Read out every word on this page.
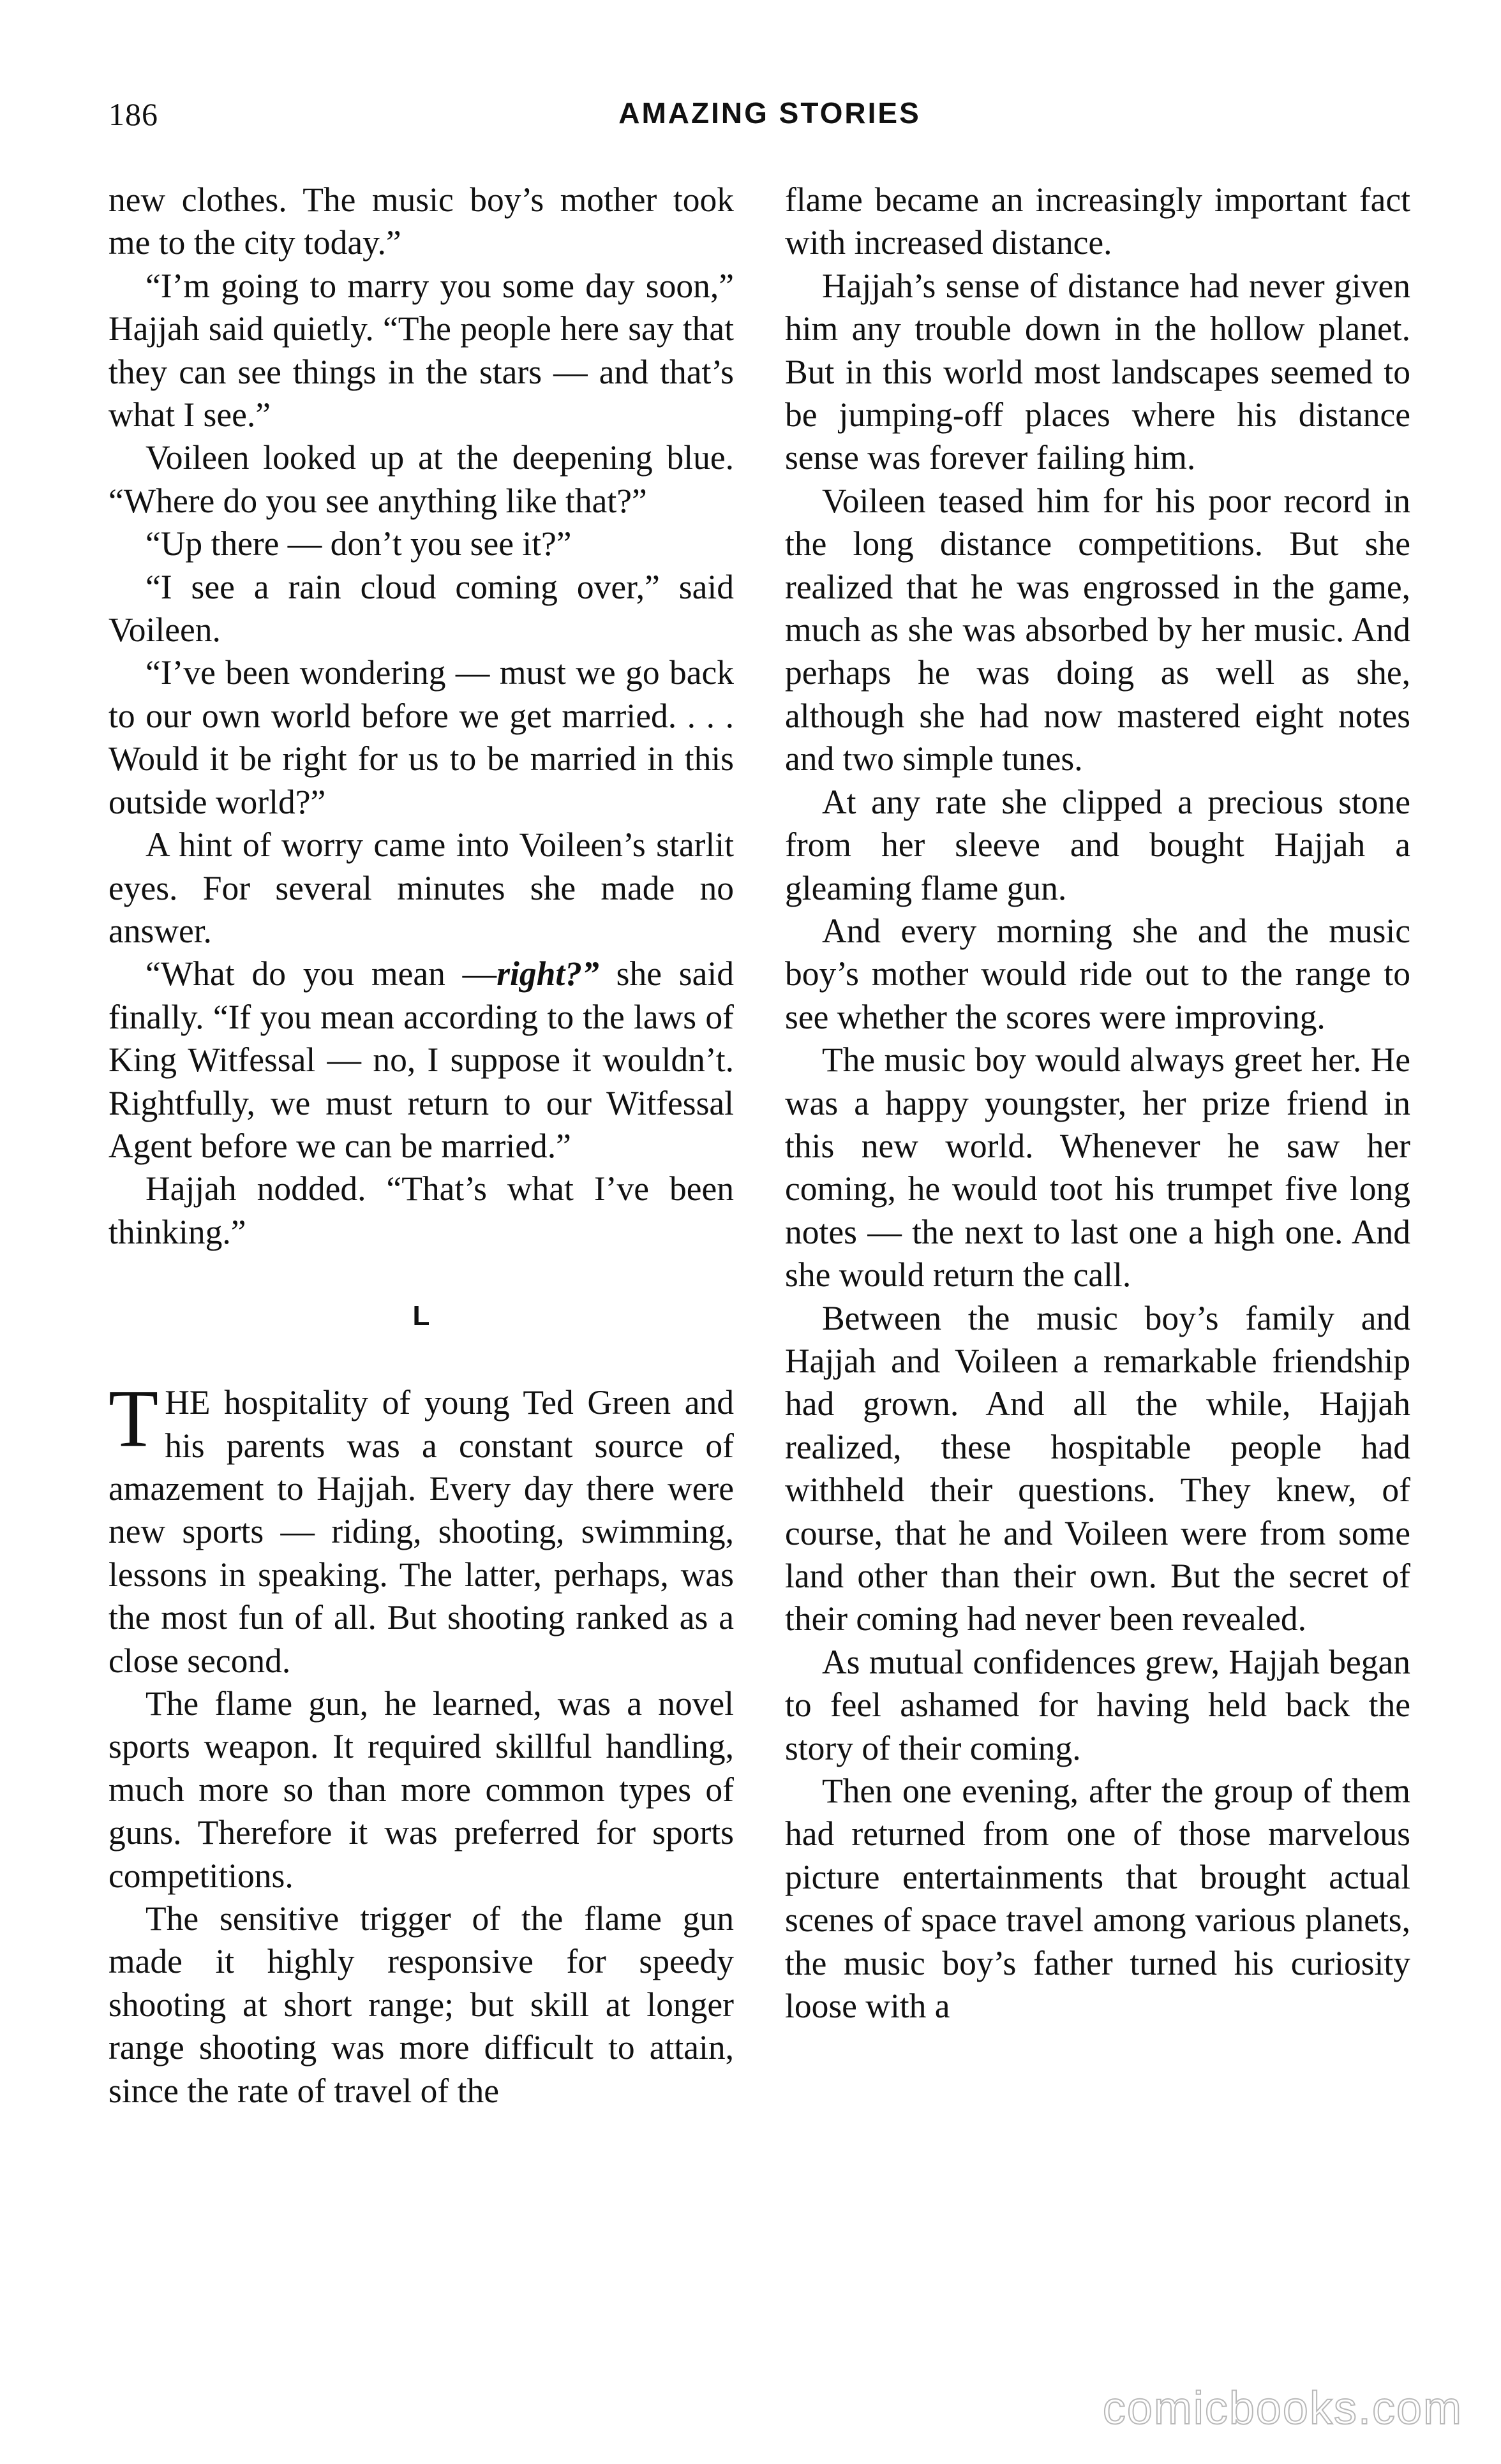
186	AMAZING STORIES

new clothes. The music boy’s mother took me to the city today.”

“I’m going to marry you some day soon,” Hajjah said quietly. “The people here say that they can see things in the stars — and that’s what I see.”

Voileen looked up at the deepening blue. “Where do you see anything like that?”

“Up there — don’t you see it?”

“I see a rain cloud coming over,” said Voileen.

“I’ve been wondering — must we go back to our own world before we get married. . . . Would it be right for us to be married in this outside world?”

A hint of worry came into Voileen’s starlit eyes. For several minutes she made no answer.

“What do you mean —right?” she said finally. “If you mean according to the laws of King Witfessal — no, I suppose it wouldn’t. Rightfully, we must return to our Witfessal Agent before we can be married.”

Hajjah nodded. “That’s what I’ve been thinking.”

L

THE hospitality of young Ted Green and his parents was a constant source of amazement to Hajjah. Every day there were new sports — riding, shooting, swimming, lessons in speaking. The latter, perhaps, was the most fun of all. But shooting ranked as a close second.

The flame gun, he learned, was a novel sports weapon. It required skillful handling, much more so than more common types of guns. Therefore it was preferred for sports competitions.

The sensitive trigger of the flame gun made it highly responsive for speedy shooting at short range; but skill at longer range shooting was more difficult to attain, since the rate of travel of the

flame became an increasingly important fact with increased distance.

Hajjah’s sense of distance had never given him any trouble down in the hollow planet. But in this world most landscapes seemed to be jumping-off places where his distance sense was forever failing him.

Voileen teased him for his poor record in the long distance competitions. But she realized that he was engrossed in the game, much as she was absorbed by her music. And perhaps he was doing as well as she, although she had now mastered eight notes and two simple tunes.

At any rate she clipped a precious stone from her sleeve and bought Hajjah a gleaming flame gun.

And every morning she and the music boy’s mother would ride out to the range to see whether the scores were improving.

The music boy would always greet her. He was a happy youngster, her prize friend in this new world. Whenever he saw her coming, he would toot his trumpet five long notes — the next to last one a high one. And she would return the call.

Between the music boy’s family and Hajjah and Voileen a remarkable friendship had grown. And all the while, Hajjah realized, these hospitable people had withheld their questions. They knew, of course, that he and Voileen were from some land other than their own. But the secret of their coming had never been revealed.

As mutual confidences grew, Hajjah began to feel ashamed for having held back the story of their coming.

Then one evening, after the group of them had returned from one of those marvelous picture entertainments that brought actual scenes of space travel among various planets, the music boy’s father turned his curiosity loose with a

comicbooks.com
